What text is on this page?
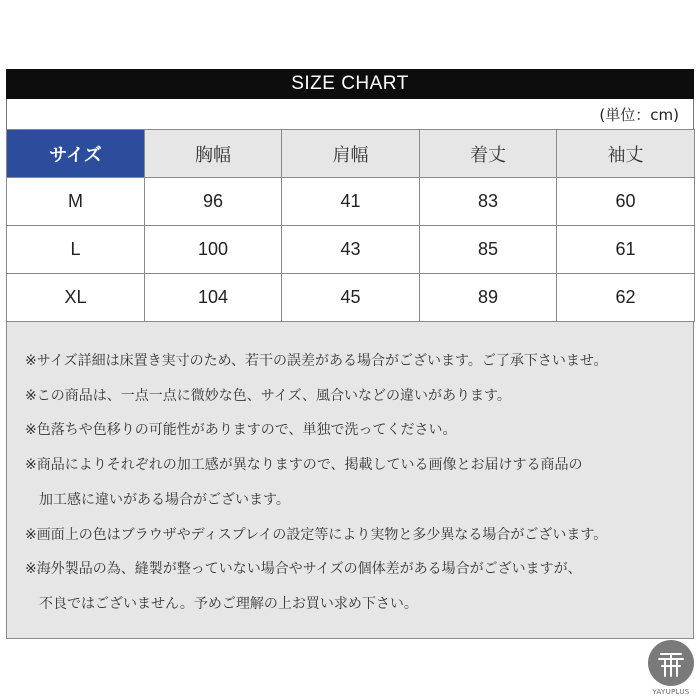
SIZE CHART
(単位：cm)
サイズ	胸幅	肩幅	着丈	袖丈
M	96	41	83	60
L	100	43	85	61
XL	104	45	89	62
※サイズ詳細は床置き実寸のため、若干の誤差がある場合がございます。ご了承下さいませ。
※この商品は、一点一点に微妙な色、サイズ、風合いなどの違いがあります。
※色落ちや色移りの可能性がありますので、単独で洗ってください。
※商品によりそれぞれの加工感が異なりますので、掲載している画像とお届けする商品の
加工感に違いがある場合がございます。
※画面上の色はブラウザやディスプレイの設定等により実物と多少異なる場合がございます。
※海外製品の為、縫製が整っていない場合やサイズの個体差がある場合がございますが、
不良ではございません。予めご理解の上お買い求め下さい。
YAYUPLUS
